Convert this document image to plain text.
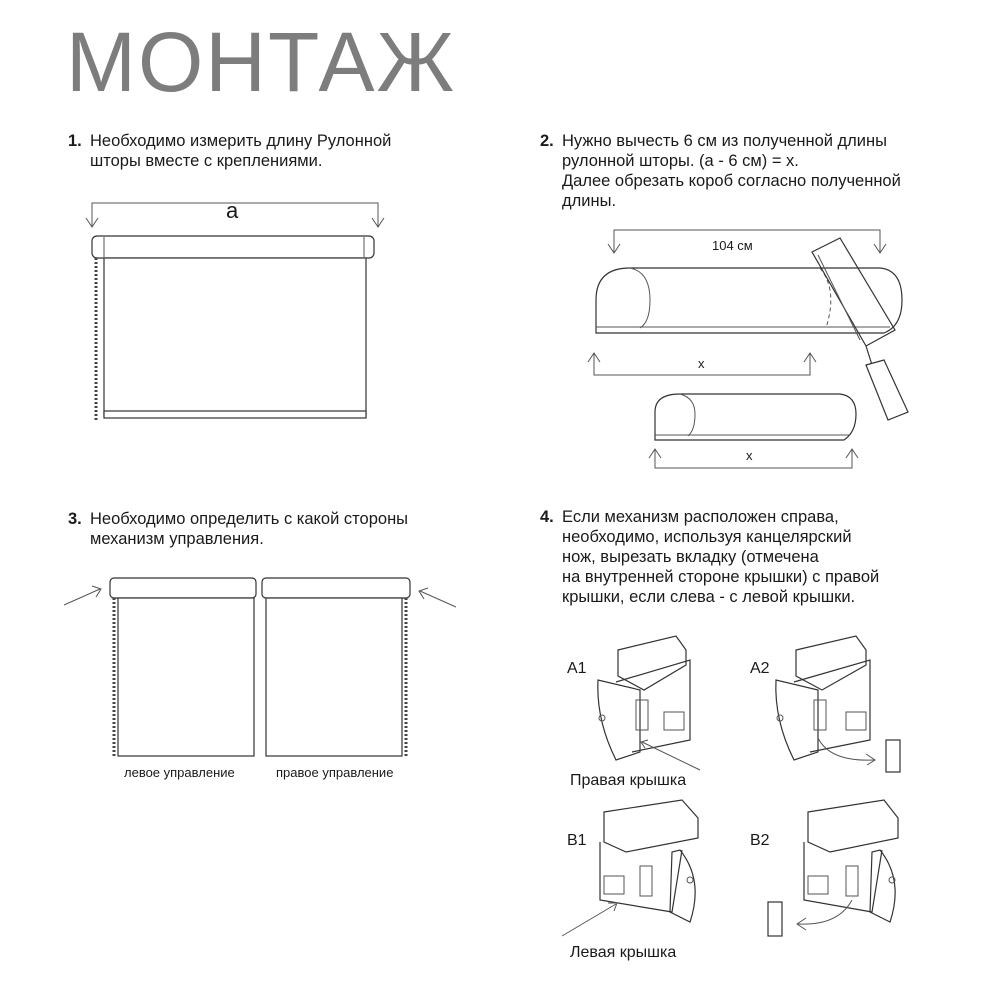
МОНТАЖ
1. Необходимо измерить длину Рулонной
шторы вместе с креплениями.
2. Нужно вычесть 6 см из полученной длины
рулонной шторы. (a - 6 см) = x.
Далее обрезать короб согласно полученной
длины.
3. Необходимо определить с какой стороны
механизм управления.
4. Если механизм расположен справа,
необходимо, используя канцелярский
нож, вырезать вкладку (отмечена
на внутренней стороне крышки) с правой
крышки, если слева - с левой крышки.
a
104 см
x
x
левое управление	правое управление
A1	A2
Правая крышка
B1	B2
Левая крышка
